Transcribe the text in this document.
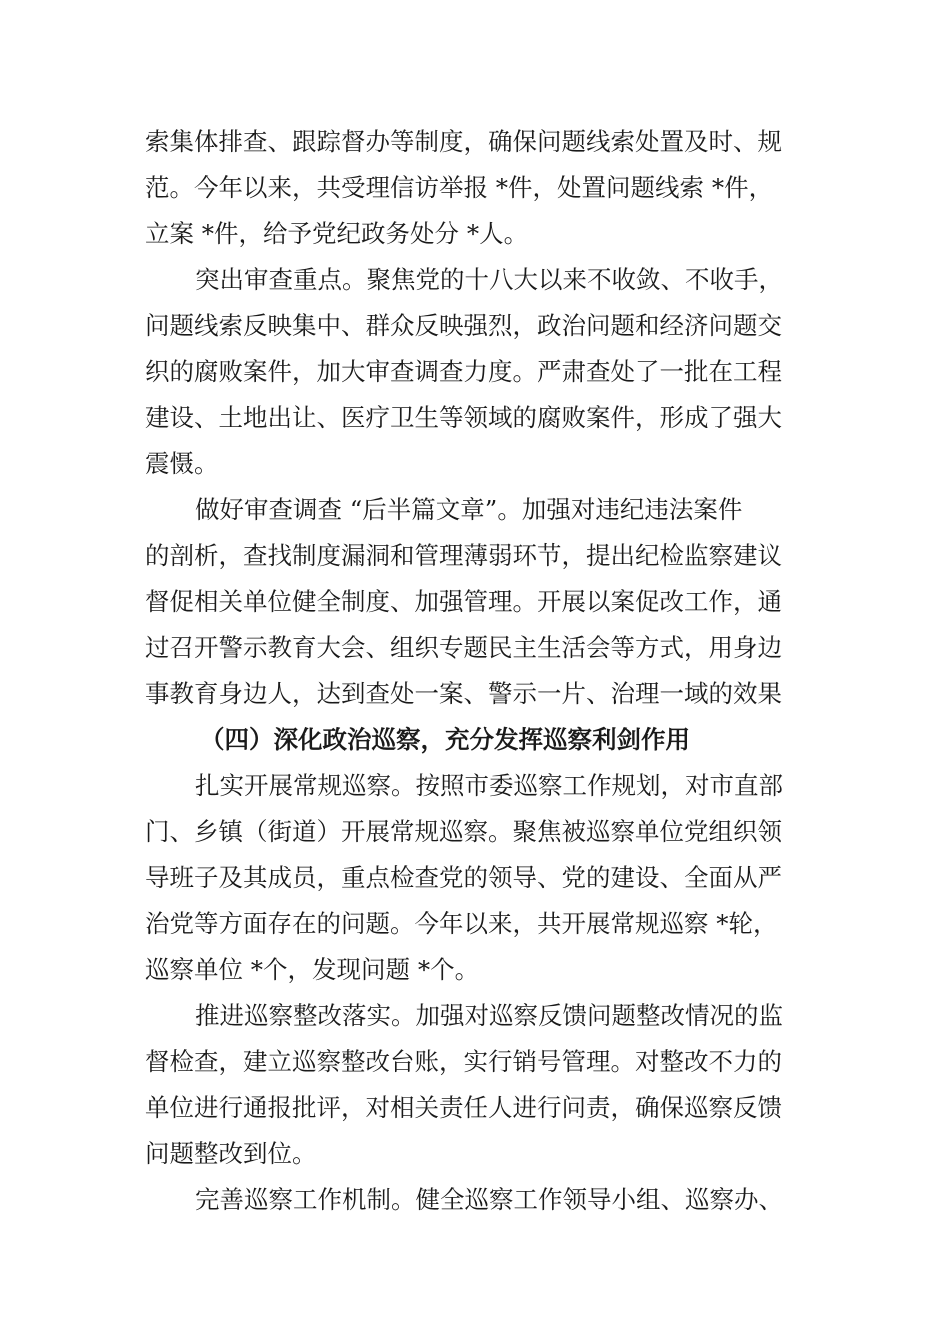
索集体排查、跟踪督办等制度，确保问题线索处置及时、规
范。今年以来，共受理信访举报 *件，处置问题线索 *件，
立案 *件，给予党纪政务处分 *人。
突出审查重点。聚焦党的十八大以来不收敛、不收手，
问题线索反映集中、群众反映强烈，政治问题和经济问题交
织的腐败案件，加大审查调查力度。严肃查处了一批在工程
建设、土地出让、医疗卫生等领域的腐败案件，形成了强大
震慑。
做好审查调查 “后半篇文章”。加强对违纪违法案件
的剖析，查找制度漏洞和管理薄弱环节，提出纪检监察建议
督促相关单位健全制度、加强管理。开展以案促改工作，通
过召开警示教育大会、组织专题民主生活会等方式，用身边
事教育身边人，达到查处一案、警示一片、治理一域的效果
（四）深化政治巡察，充分发挥巡察利剑作用
扎实开展常规巡察。按照市委巡察工作规划，对市直部
门、乡镇（街道）开展常规巡察。聚焦被巡察单位党组织领
导班子及其成员，重点检查党的领导、党的建设、全面从严
治党等方面存在的问题。今年以来，共开展常规巡察 *轮，
巡察单位 *个，发现问题 *个。
推进巡察整改落实。加强对巡察反馈问题整改情况的监
督检查，建立巡察整改台账，实行销号管理。对整改不力的
单位进行通报批评，对相关责任人进行问责，确保巡察反馈
问题整改到位。
完善巡察工作机制。健全巡察工作领导小组、巡察办、
